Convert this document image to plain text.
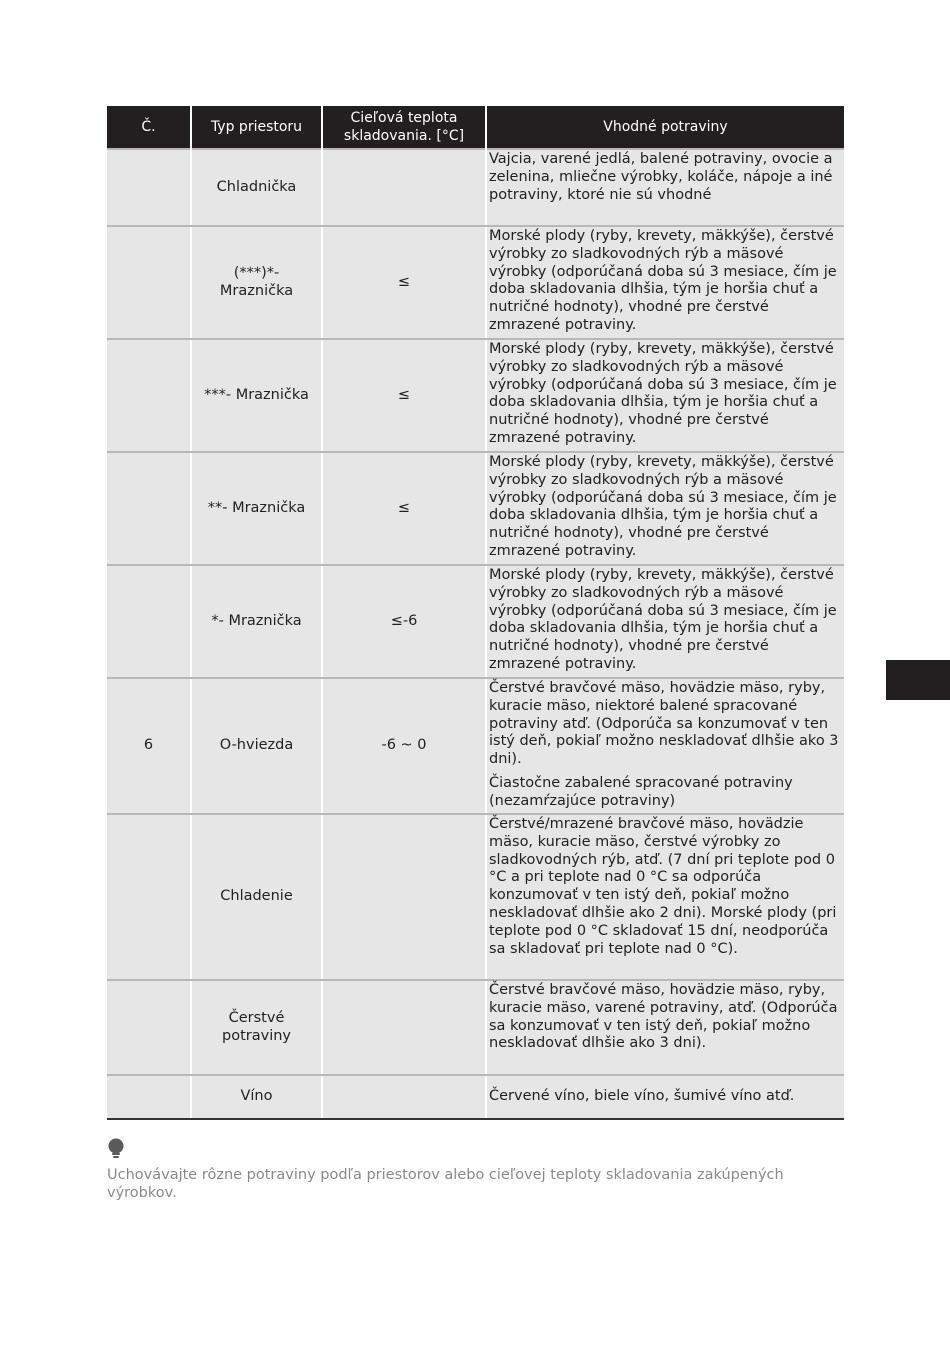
Č.	Typ priestoru	Cieľová teplota skladovania. [°C]	Vhodné potraviny
	Chladnička		Vajcia, varené jedlá, balené potraviny, ovocie a zelenina, mliečne výrobky, koláče, nápoje a iné potraviny, ktoré nie sú vhodné

	(***)*- Mraznička	≤	Morské plody (ryby, krevety, mäkkýše), čerstvé výrobky zo sladkovodných rýb a mäsové výrobky (odporúčaná doba sú 3 mesiace, čím je doba skladovania dlhšia, tým je horšia chuť a nutričné hodnoty), vhodné pre čerstvé zmrazené potraviny.

	***- Mraznička	≤	Morské plody (ryby, krevety, mäkkýše), čerstvé výrobky zo sladkovodných rýb a mäsové výrobky (odporúčaná doba sú 3 mesiace, čím je doba skladovania dlhšia, tým je horšia chuť a nutričné hodnoty), vhodné pre čerstvé zmrazené potraviny.

	**- Mraznička	≤	Morské plody (ryby, krevety, mäkkýše), čerstvé výrobky zo sladkovodných rýb a mäsové výrobky (odporúčaná doba sú 3 mesiace, čím je doba skladovania dlhšia, tým je horšia chuť a nutričné hodnoty), vhodné pre čerstvé zmrazené potraviny.

	*- Mraznička	≤-6	Morské plody (ryby, krevety, mäkkýše), čerstvé výrobky zo sladkovodných rýb a mäsové výrobky (odporúčaná doba sú 3 mesiace, čím je doba skladovania dlhšia, tým je horšia chuť a nutričné hodnoty), vhodné pre čerstvé zmrazené potraviny.

6	O-hviezda	-6 ~ 0	Čerstvé bravčové mäso, hovädzie mäso, ryby, kuracie mäso, niektoré balené spracované potraviny atď. (Odporúča sa konzumovať v ten istý deň, pokiaľ možno neskladovať dlhšie ako 3 dni).

Čiastočne zabalené spracované potraviny (nezamŕzajúce potraviny)

	Chladenie		Čerstvé/mrazené bravčové mäso, hovädzie mäso, kuracie mäso, čerstvé výrobky zo sladkovodných rýb, atď. (7 dní pri teplote pod 0 °C a pri teplote nad 0 °C sa odporúča konzumovať v ten istý deň, pokiaľ možno neskladovať dlhšie ako 2 dni). Morské plody (pri teplote pod 0 °C skladovať 15 dní, neodporúča sa skladovať pri teplote nad 0 °C).

	Čerstvé potraviny		Čerstvé bravčové mäso, hovädzie mäso, ryby, kuracie mäso, varené potraviny, atď. (Odporúča sa konzumovať v ten istý deň, pokiaľ možno neskladovať dlhšie ako 3 dni).

	Víno		Červené víno, biele víno, šumivé víno atď.

Uchovávajte rôzne potraviny podľa priestorov alebo cieľovej teploty skladovania zakúpených výrobkov.
